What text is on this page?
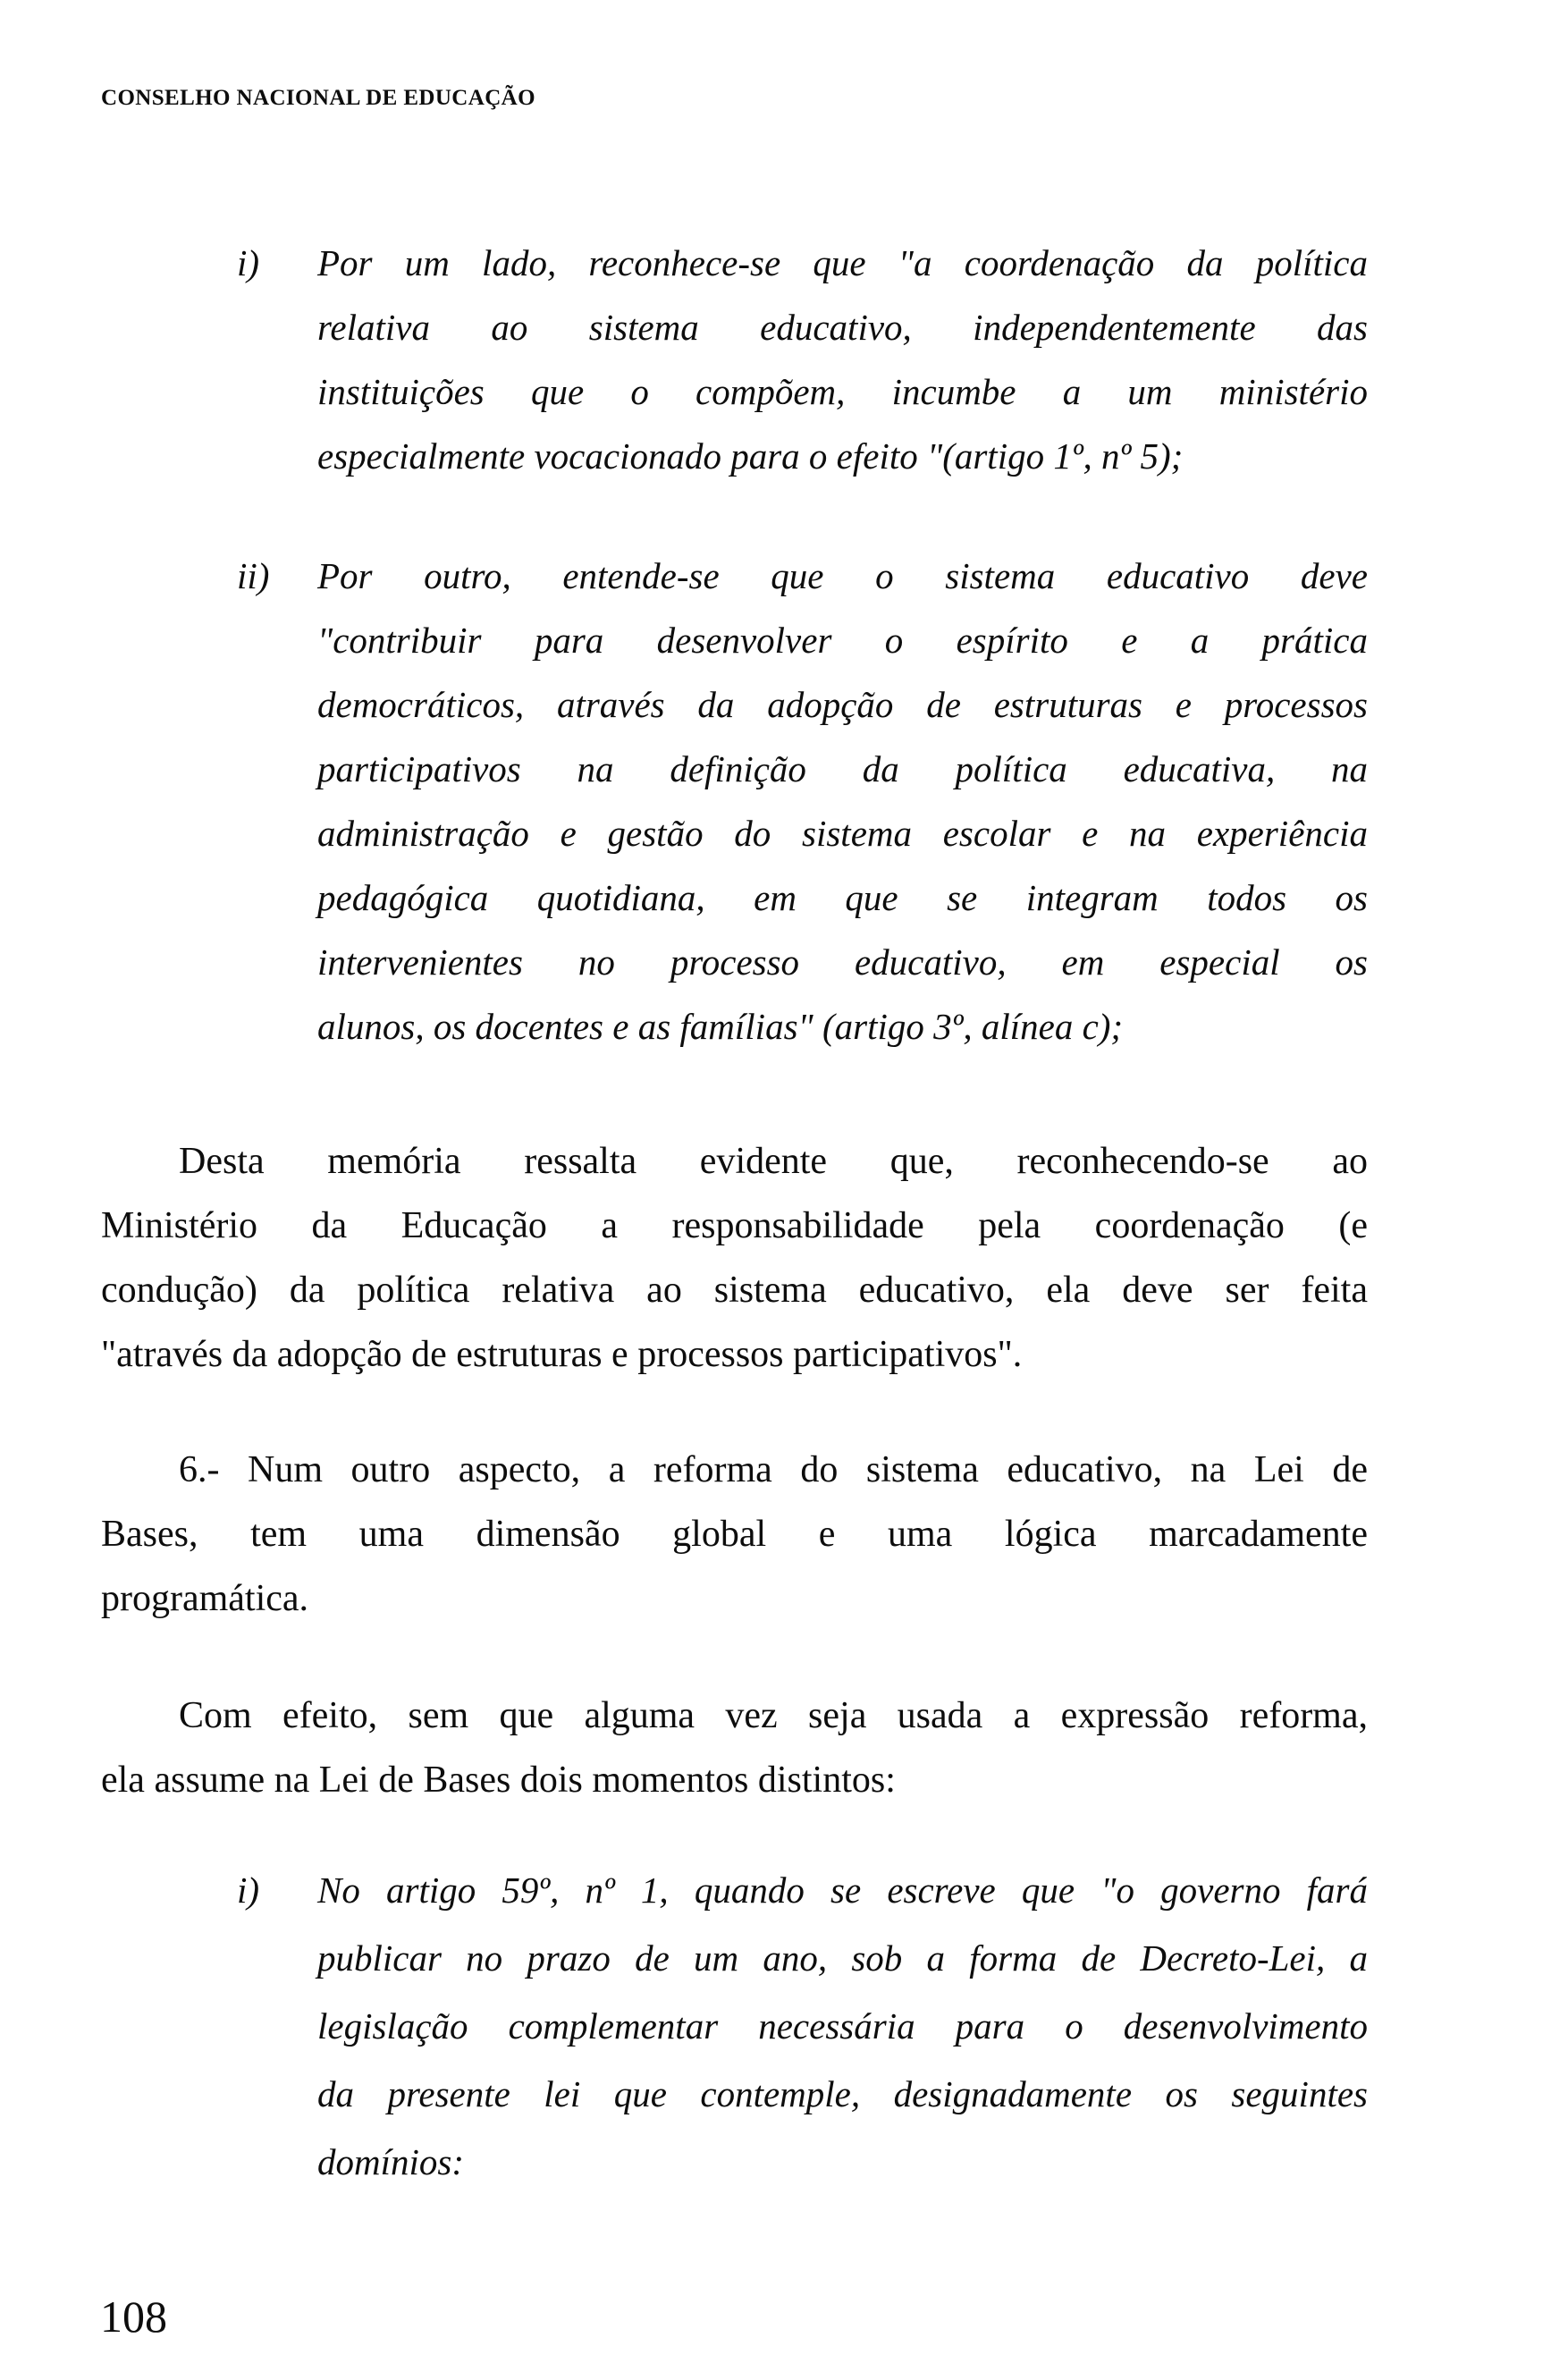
CONSELHO NACIONAL DE EDUCAÇÃO
i) Por um lado, reconhece-se que "a coordenação da política
relativa ao sistema educativo, independentemente das
instituições que o compõem, incumbe a um ministério
especialmente vocacionado para o efeito "(artigo 1º, nº 5);
ii) Por outro, entende-se que o sistema educativo deve
"contribuir para desenvolver o espírito e a prática
democráticos, através da adopção de estruturas e processos
participativos na definição da política educativa, na
administração e gestão do sistema escolar e na experiência
pedagógica quotidiana, em que se integram todos os
intervenientes no processo educativo, em especial os
alunos, os docentes e as famílias" (artigo 3º, alínea c);
Desta memória ressalta evidente que, reconhecendo-se ao
Ministério da Educação a responsabilidade pela coordenação (e
condução) da política relativa ao sistema educativo, ela deve ser feita
"através da adopção de estruturas e processos participativos".
6.- Num outro aspecto, a reforma do sistema educativo, na Lei de
Bases, tem uma dimensão global e uma lógica marcadamente
programática.
Com efeito, sem que alguma vez seja usada a expressão reforma,
ela assume na Lei de Bases dois momentos distintos:
i) No artigo 59º, nº 1, quando se escreve que "o governo fará
publicar no prazo de um ano, sob a forma de Decreto-Lei, a
legislação complementar necessária para o desenvolvimento
da presente lei que contemple, designadamente os seguintes
domínios:
108
